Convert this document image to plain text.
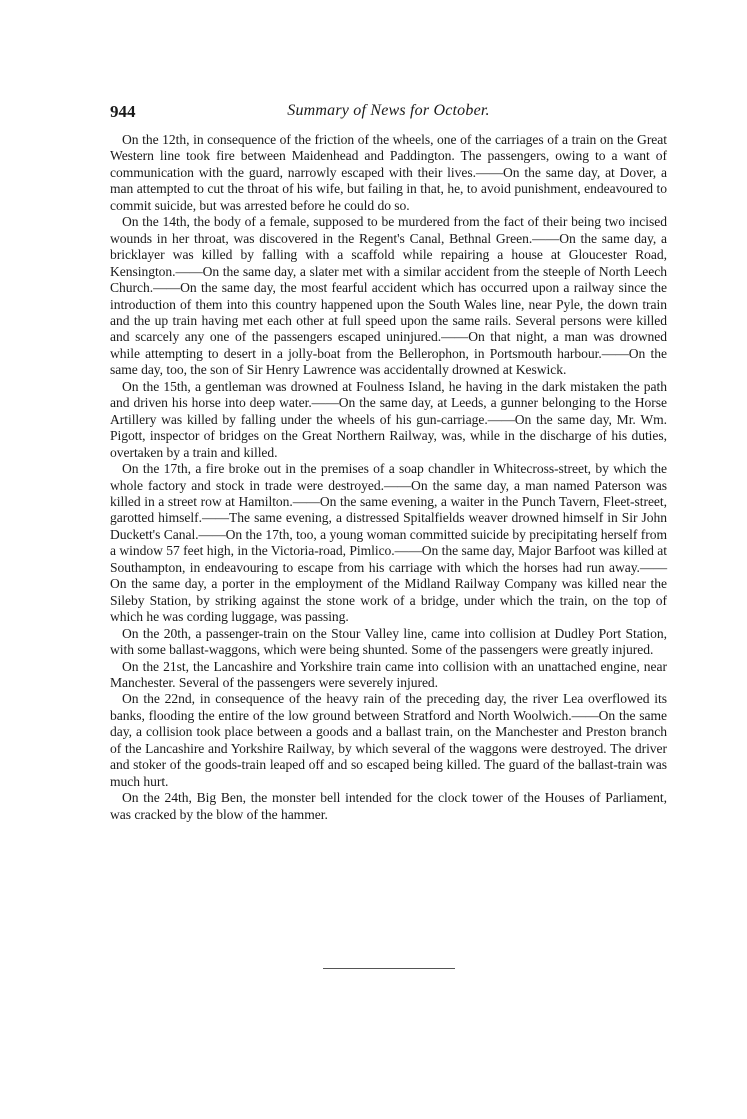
944	Summary of News for October.

On the 12th, in consequence of the friction of the wheels, one of the carriages of a train on the Great Western line took fire between Maidenhead and Paddington. The passengers, owing to a want of communication with the guard, narrowly escaped with their lives.——On the same day, at Dover, a man attempted to cut the throat of his wife, but failing in that, he, to avoid punishment, endeavoured to commit suicide, but was arrested before he could do so.

On the 14th, the body of a female, supposed to be murdered from the fact of their being two incised wounds in her throat, was discovered in the Regent's Canal, Bethnal Green.——On the same day, a bricklayer was killed by falling with a scaffold while repairing a house at Gloucester Road, Kensington.——On the same day, a slater met with a similar accident from the steeple of North Leech Church.——On the same day, the most fearful accident which has occurred upon a railway since the introduction of them into this country happened upon the South Wales line, near Pyle, the down train and the up train having met each other at full speed upon the same rails. Several persons were killed and scarcely any one of the passengers escaped uninjured.——On that night, a man was drowned while attempting to desert in a jolly-boat from the Bellerophon, in Portsmouth harbour.——On the same day, too, the son of Sir Henry Lawrence was accidentally drowned at Keswick.

On the 15th, a gentleman was drowned at Foulness Island, he having in the dark mistaken the path and driven his horse into deep water.——On the same day, at Leeds, a gunner belonging to the Horse Artillery was killed by falling under the wheels of his gun-carriage.——On the same day, Mr. Wm. Pigott, inspector of bridges on the Great Northern Railway, was, while in the discharge of his duties, overtaken by a train and killed.

On the 17th, a fire broke out in the premises of a soap chandler in Whitecross-street, by which the whole factory and stock in trade were destroyed.——On the same day, a man named Paterson was killed in a street row at Hamilton.——On the same evening, a waiter in the Punch Tavern, Fleet-street, garotted himself.——The same evening, a distressed Spitalfields weaver drowned himself in Sir John Duckett's Canal.——On the 17th, too, a young woman committed suicide by precipitating herself from a window 57 feet high, in the Victoria-road, Pimlico.——On the same day, Major Barfoot was killed at Southampton, in endeavouring to escape from his carriage with which the horses had run away.——On the same day, a porter in the employment of the Midland Railway Company was killed near the Sileby Station, by striking against the stone work of a bridge, under which the train, on the top of which he was cording luggage, was passing.

On the 20th, a passenger-train on the Stour Valley line, came into collision at Dudley Port Station, with some ballast-waggons, which were being shunted. Some of the passengers were greatly injured.

On the 21st, the Lancashire and Yorkshire train came into collision with an unattached engine, near Manchester. Several of the passengers were severely injured.

On the 22nd, in consequence of the heavy rain of the preceding day, the river Lea overflowed its banks, flooding the entire of the low ground between Stratford and North Woolwich.——On the same day, a collision took place between a goods and a ballast train, on the Manchester and Preston branch of the Lancashire and Yorkshire Railway, by which several of the waggons were destroyed. The driver and stoker of the goods-train leaped off and so escaped being killed. The guard of the ballast-train was much hurt.

On the 24th, Big Ben, the monster bell intended for the clock tower of the Houses of Parliament, was cracked by the blow of the hammer.
